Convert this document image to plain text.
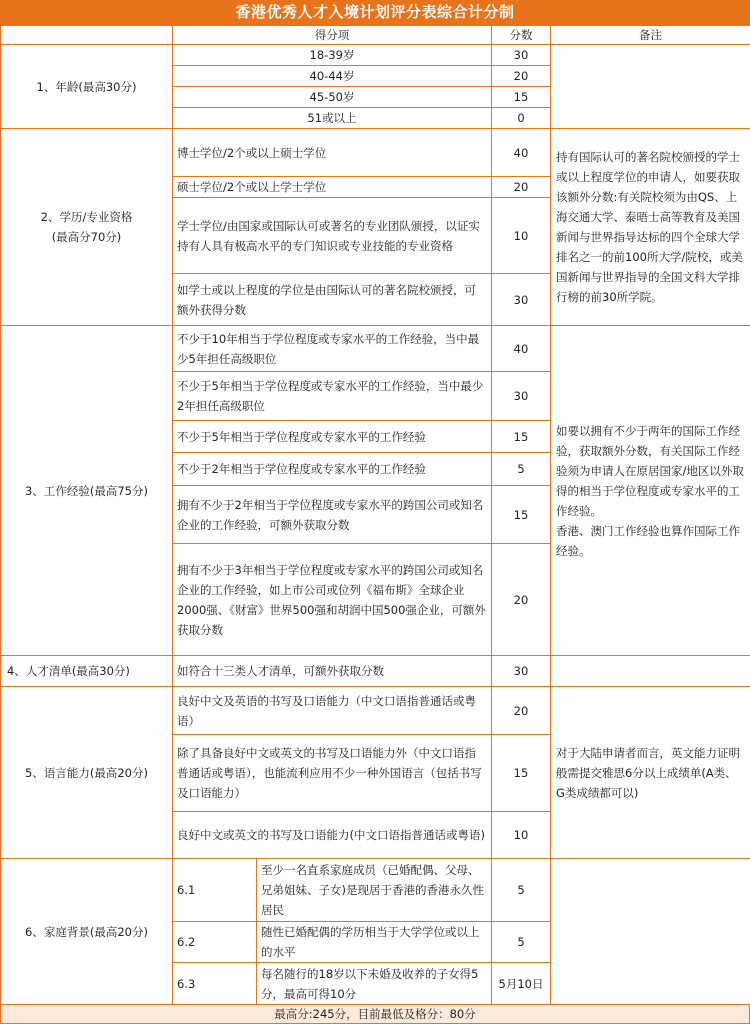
香港优秀人才入境计划评分表综合计分制
	得分项		分数	备注
1、年龄(最高30分)	18-39岁		30	
	40-44岁		20	
	45-50岁		15	
	51或以上		0	

2、学历/专业资格
(最高分70分)	博士学位/2个或以上硕士学位		40	持有国际认可的著名院校颁授的学士或以上程度学位的申请人，如要获取该额外分数:有关院校须为由QS、上海交通大学、泰晤士高等教育及美国新闻与世界指导达标的四个全球大学排名之一的前100所大学/院校，或美国新闻与世界指导的全国文科大学排行榜的前30所学院。
	硕士学位/2个或以上学士学位		20	
	学士学位/由国家或国际认可或著名的专业团队颁授，以证实持有人具有极高水平的专门知识或专业技能的专业资格		10	
	如学士或以上程度的学位是由国际认可的著名院校颁授，可额外获得分数		30	
3、工作经验(最高75分)	不少于10年相当于学位程度或专家水平的工作经验，当中最少5年担任高级职位		40	如要以拥有不少于两年的国际工作经验，获取额外分数，有关国际工作经验须为申请人在原居国家/地区以外取得的相当于学位程度或专家水平的工作经验。
香港、澳门工作经验也算作国际工作经验。

	不少于5年相当于学位程度或专家水平的工作经验，当中最少2年担任高级职位		30	
	不少于5年相当于学位程度或专家水平的工作经验		15	
	不少于2年相当于学位程度或专家水平的工作经验		5	
	拥有不少于2年相当于学位程度或专家水平的跨国公司或知名企业的工作经验，可额外获取分数		15	
	拥有不少于3年相当于学位程度或专家水平的跨国公司或知名企业的工作经验，如上市公司或位列《福布斯》全球企业2000强、《财富》世界500强和胡润中国500强企业，可额外获取分数		20	
4、人才清单(最高30分)	如符合十三类人才清单，可额外获取分数		30	
5、语言能力(最高20分)	良好中文及英语的书写及口语能力（中文口语指普通话或粤语）		20	对于大陆申请者而言，英文能力证明般需提交雅思6分以上成绩单(A类、G类成绩都可以)
	除了具备良好中文或英文的书写及口语能力外（中文口语指普通话或粤语），也能流利应用不少一种外国语言（包括书写及口语能力）		15	
	良好中文或英文的书写及口语能力(中文口语指普通话或粤语)		10	
6、家庭背景(最高20分)	6.1	至少一名直系家庭成员（已婚配偶、父母、兄弟姐妹、子女)是现居于香港的香港永久性居民	5	
	6.2	随性已婚配偶的学历相当于大学学位或以上的水平	5	
	6.3	每名随行的18岁以下未婚及收养的子女得5分，最高可得10分	5月10日	
最高分:245分，目前最低及格分：80分
